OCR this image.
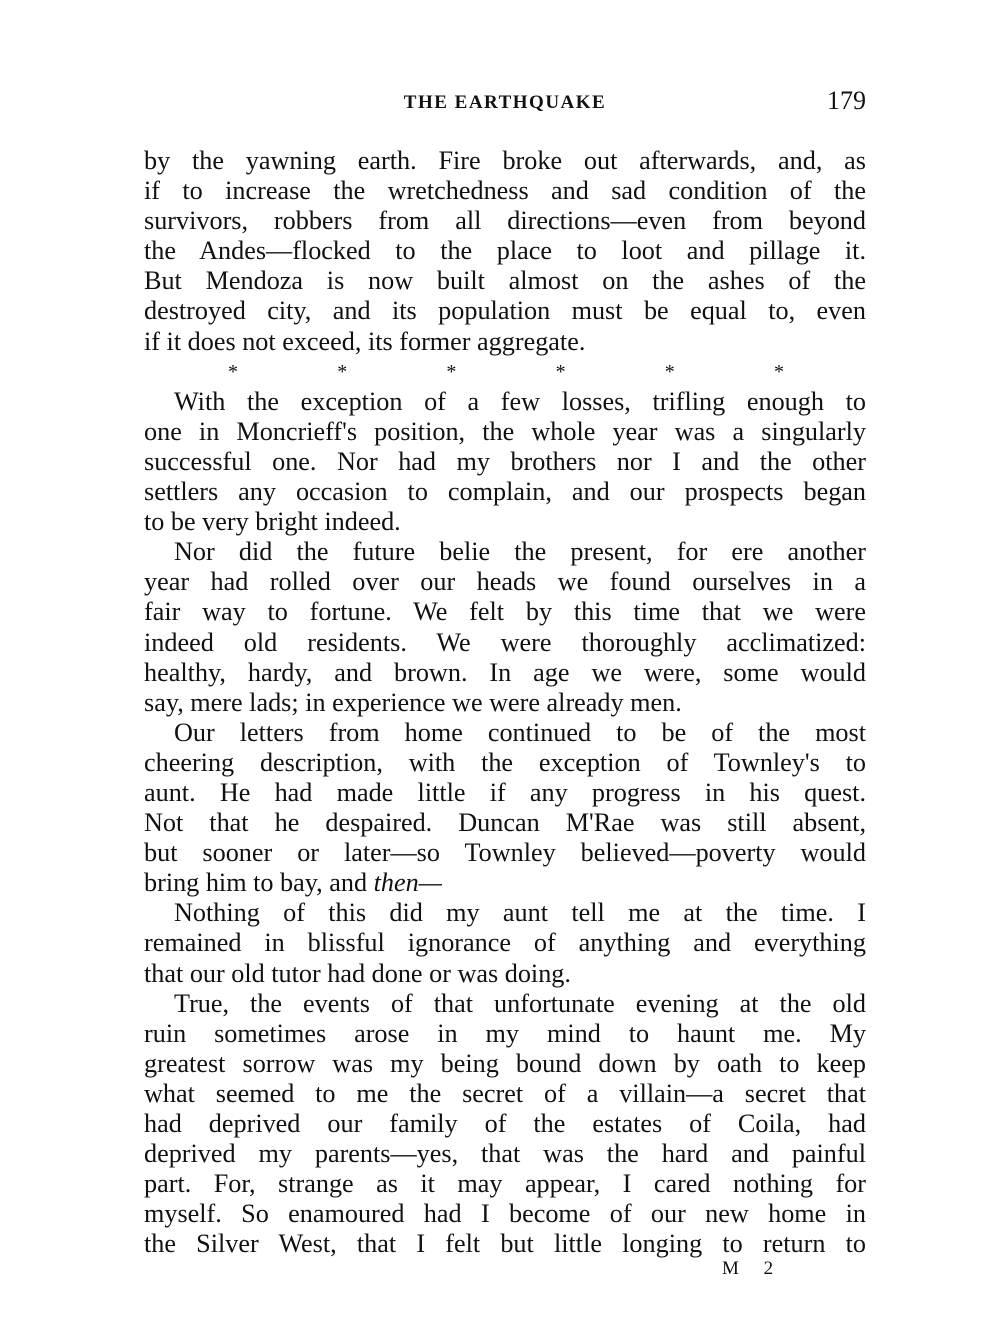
THE EARTHQUAKE	179
by the yawning earth. Fire broke out afterwards, and, as
if to increase the wretchedness and sad condition of the
survivors, robbers from all directions—even from beyond
the Andes—flocked to the place to loot and pillage it.
But Mendoza is now built almost on the ashes of the
destroyed city, and its population must be equal to, even
if it does not exceed, its former aggregate.
*	*	*	*	*	*
With the exception of a few losses, trifling enough to
one in Moncrieff's position, the whole year was a singularly
successful one. Nor had my brothers nor I and the other
settlers any occasion to complain, and our prospects began
to be very bright indeed.
Nor did the future belie the present, for ere another
year had rolled over our heads we found ourselves in a
fair way to fortune. We felt by this time that we were
indeed old residents. We were thoroughly acclimatized:
healthy, hardy, and brown. In age we were, some would
say, mere lads; in experience we were already men.
Our letters from home continued to be of the most
cheering description, with the exception of Townley's to
aunt. He had made little if any progress in his quest.
Not that he despaired. Duncan M'Rae was still absent,
but sooner or later—so Townley believed—poverty would
bring him to bay, and then—
Nothing of this did my aunt tell me at the time. I
remained in blissful ignorance of anything and everything
that our old tutor had done or was doing.
True, the events of that unfortunate evening at the old
ruin sometimes arose in my mind to haunt me. My
greatest sorrow was my being bound down by oath to keep
what seemed to me the secret of a villain—a secret that
had deprived our family of the estates of Coila, had
deprived my parents—yes, that was the hard and painful
part. For, strange as it may appear, I cared nothing for
myself. So enamoured had I become of our new home in
the Silver West, that I felt but little longing to return to
M 2
